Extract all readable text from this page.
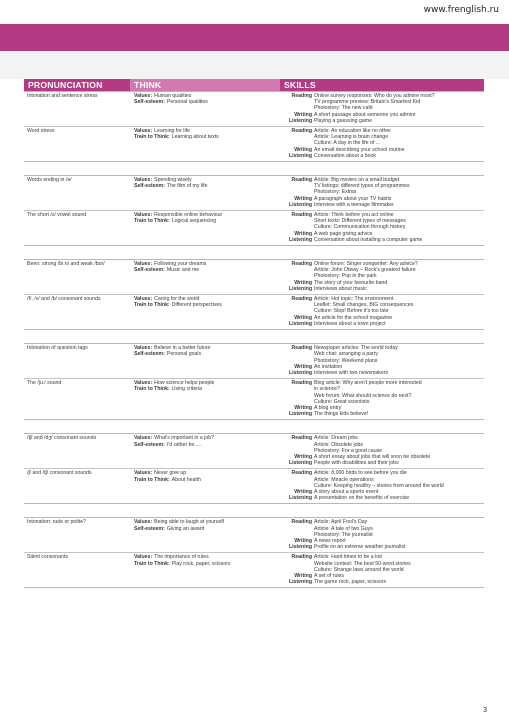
www.frenglish.ru
PRONUNCIATION	THINK	SKILLS
Intonation and sentence stress	Values: Human qualities
Self-esteem: Personal qualities
Reading Online survey responses: Who do you admire most?
TV programme preview: Britain's Smartest Kid
Photostory: The new café
Writing A short passage about someone you admire
Listening Playing a guessing game
Word stress	Values: Learning for life
Train to Think: Learning about texts
Reading Article: An education like no other
Article: Learning is brain change
Culture: A day in the life of ...
Writing An email describing your school routine
Listening Conversation about a book
Words ending in /ə/	Values: Spending wisely
Self-esteem: The film of my life
Reading Article: Big movies on a small budget
TV listings: different types of programmes
Photostory: Extras
Writing A paragraph about your TV habits
Listening Interview with a teenage filmmaker
The short /ʌ/ vowel sound	Values: Responsible online behaviour
Train to Think: Logical sequencing
Reading Article: Think before you act online
Short texts: Different types of messages
Culture: Communication through history
Writing A web page giving advice
Listening Conversation about installing a computer game
Been: strong /biːn/ and weak /bɪn/	Values: Following your dreams
Self-esteem: Music and me
Reading Online forum: Singer songwriter: Any advice?
Article: John Otway – Rock's greatest failure
Photostory: Pop in the park
Writing The story of your favourite band
Listening Interviews about music
/f/, /v/ and /b/ consonant sounds	Values: Caring for the world
Train to Think: Different perspectives
Reading Article: Hot topic: The environment
Leaflet: Small changes, BIG consequences
Culture: Stop! Before it's too late
Writing An article for the school magazine
Listening Interviews about a town project
Intonation of question tags	Values: Believe in a better future
Self-esteem: Personal goals
Reading Newspaper articles: The world today
Web chat: arranging a party
Photostory: Weekend plans
Writing An invitation
Listening Interviews with two newsmakers
The /juː/ sound	Values: How science helps people
Train to Think: Using criteria
Reading Blog article: Why aren't people more interested
in science?
Web forum: What should science do next?
Culture: Great scientists
Writing A blog entry
Listening The things kids believe!
/tʃ/ and /dʒ/ consonant sounds	Values: What's important in a job?
Self-esteem: I'd rather be ....
Reading Article: Dream jobs
Article: Obsolete jobs
Photostory: For a good cause
Writing A short essay about jobs that will soon be obsolete
Listening People with disabilities and their jobs
/ʃ/ and /tʃ/ consonant sounds	Values: Never give up
Train to Think: About health
Reading Article: 8,000 birds to see before you die
Article: Miracle operations
Culture: Keeping healthy – stories from around the world
Writing A story about a sports event
Listening A presentation on the benefits of exercise
Intonation: rude or polite?	Values: Being able to laugh at yourself
Self-esteem: Giving an award
Reading Article: April Fool's Day
Article: A tale of two Guys
Photostory: The journalist
Writing A news report
Listening Profile on an extreme weather journalist
Silent consonants	Values: The importance of rules
Train to Think: Play rock, paper, scissors
Reading Article: Hard times to be a kid
Website contest: The best 50-word stories
Culture: Strange laws around the world
Writing A set of rules
Listening The game rock, paper, scissors
3
